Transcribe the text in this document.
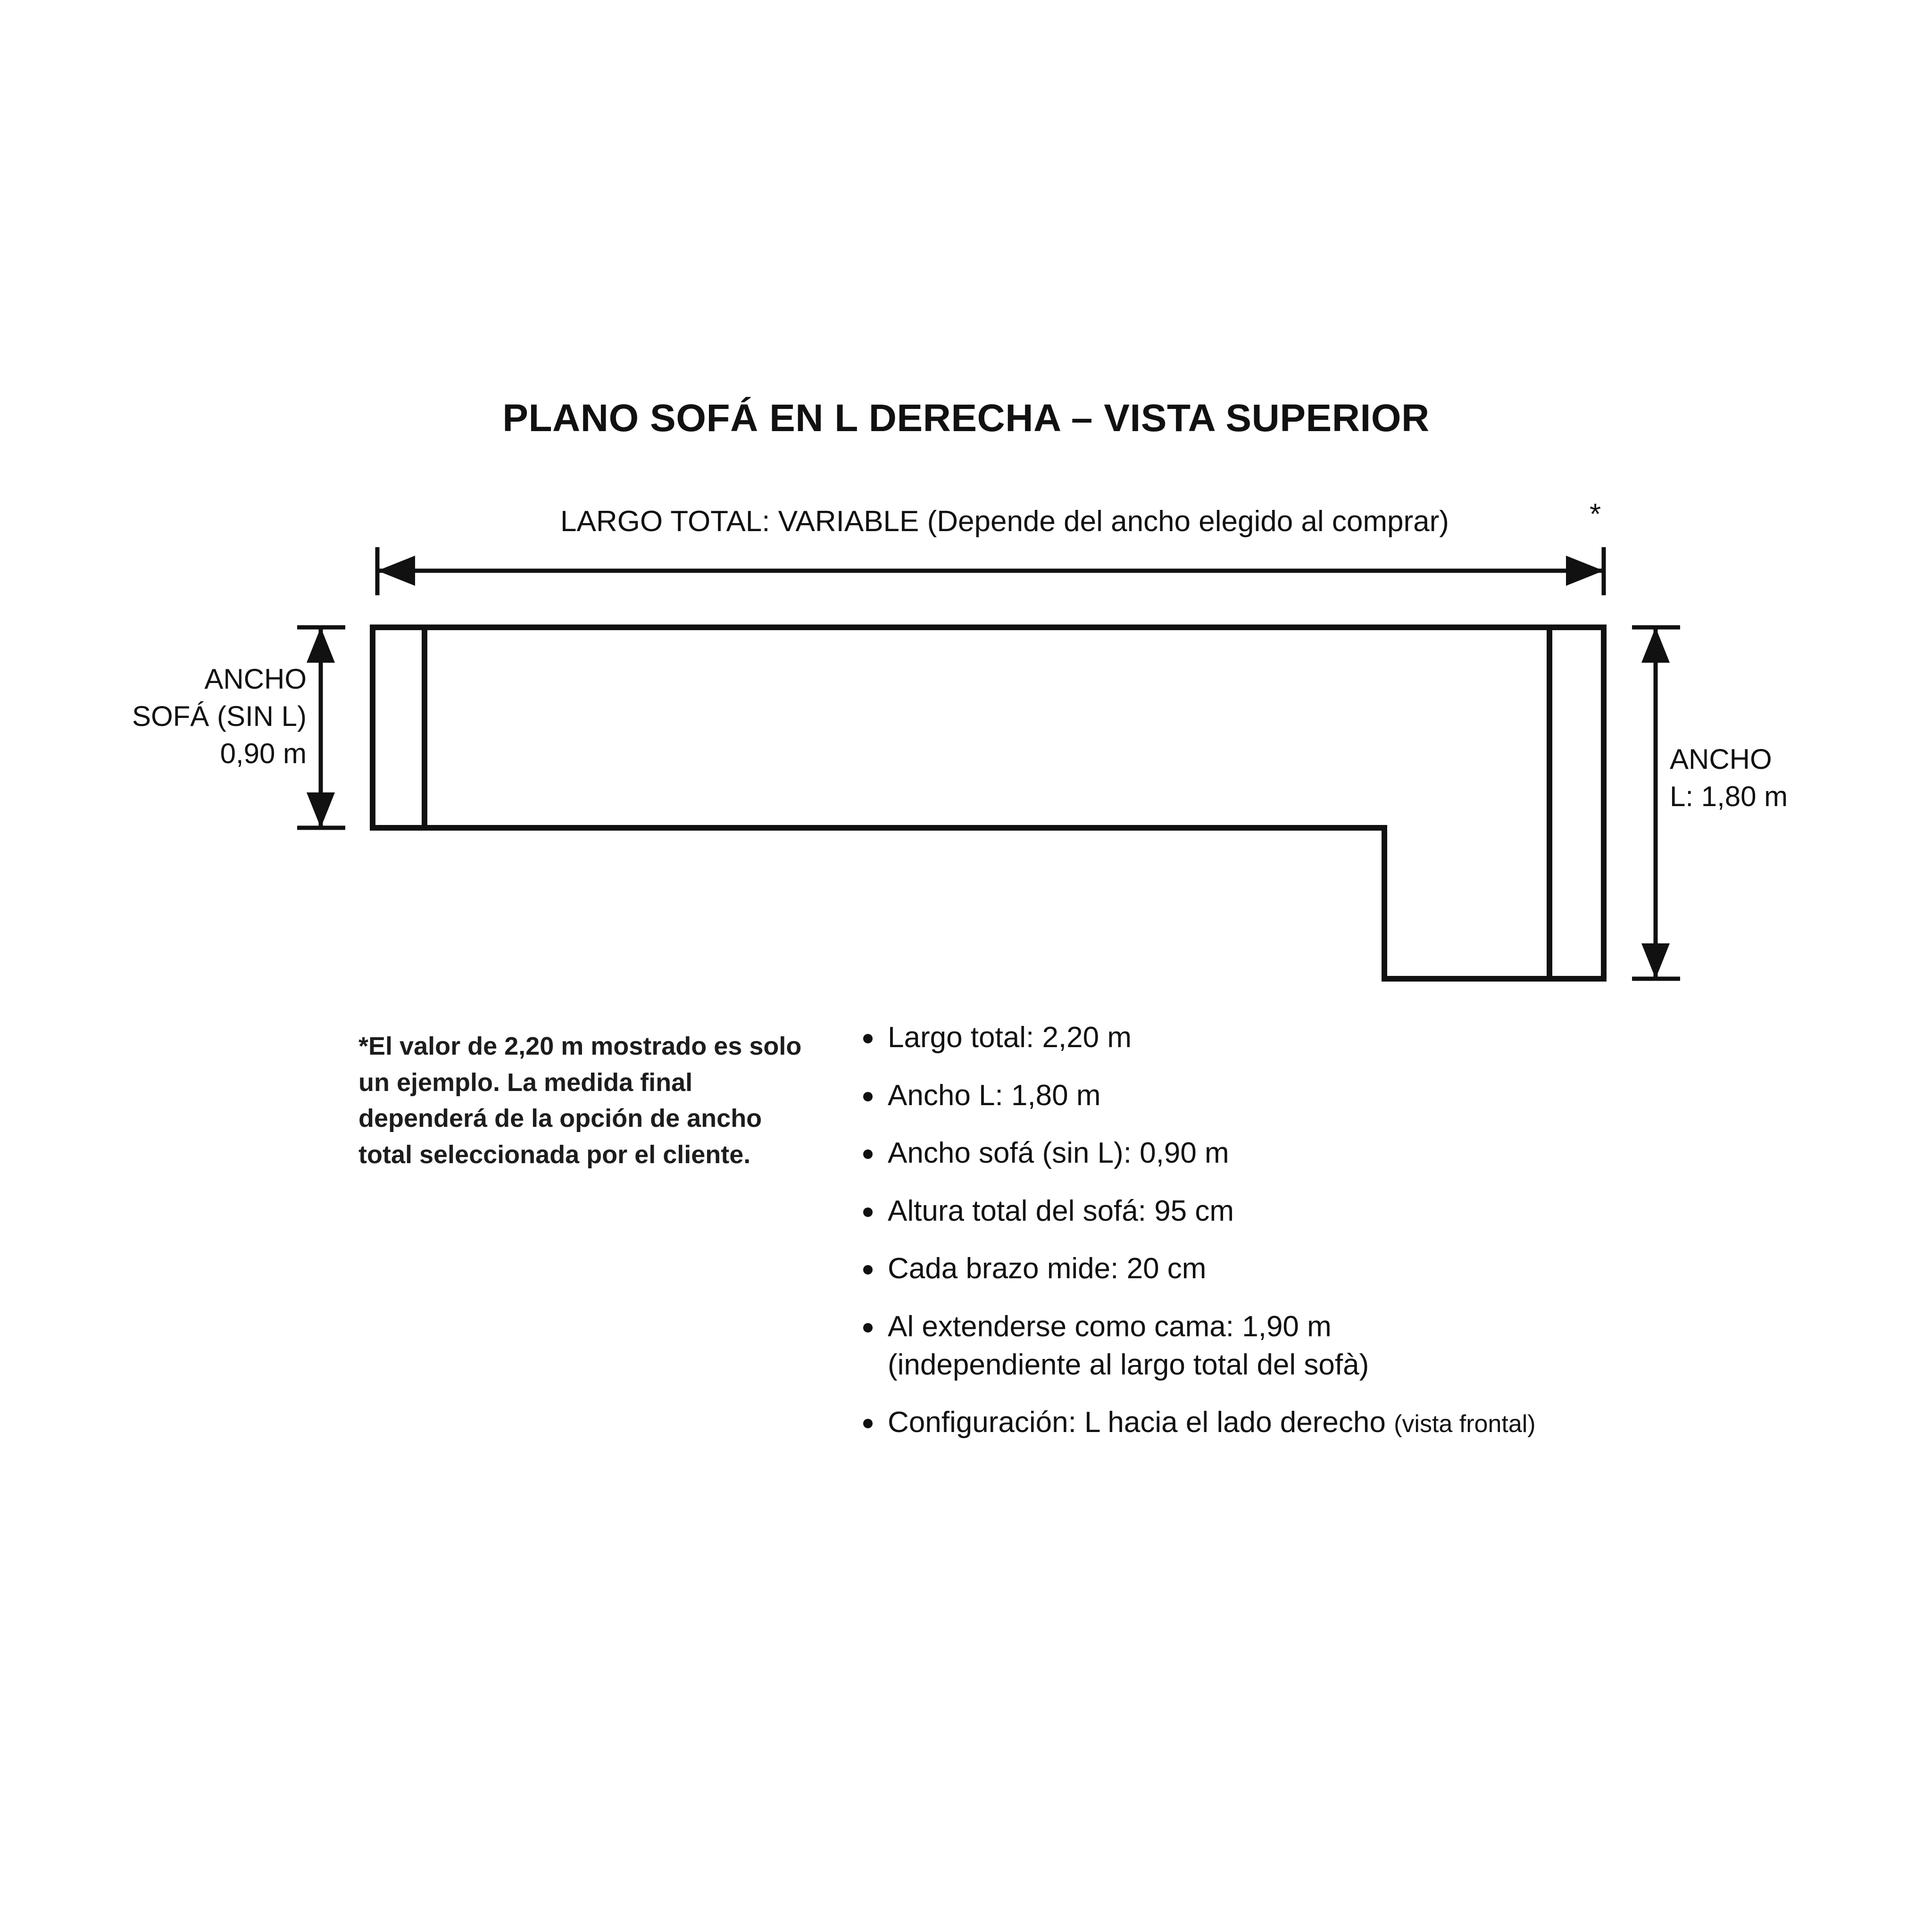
PLANO SOFÁ EN L DERECHA – VISTA SUPERIOR
LARGO TOTAL: VARIABLE (Depende del ancho elegido al comprar)	*
ANCHO
SOFÁ (SIN L)
0,90 m	ANCHO
L: 1,80 m
*El valor de 2,20 m mostrado es solo un ejemplo. La medida final dependerá de la opción de ancho total seleccionada por el cliente.
Largo total: 2,20 m
Ancho L: 1,80 m
Ancho sofá (sin L): 0,90 m
Altura total del sofá: 95 cm
Cada brazo mide: 20 cm
Al extenderse como cama: 1,90 m
(independiente al largo total del sofà)
Configuración: L hacia el lado derecho (vista frontal)
